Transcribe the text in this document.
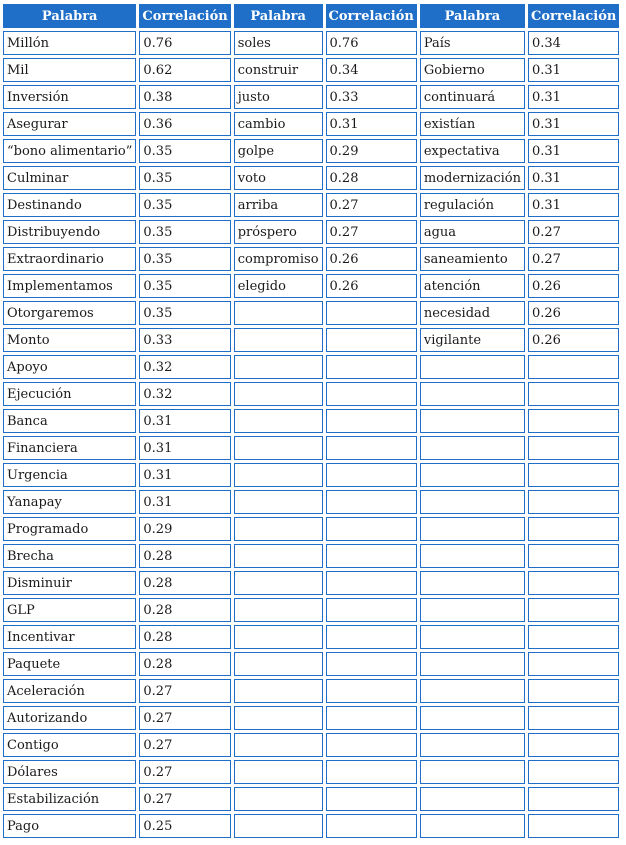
Palabra	Correlación	Palabra	Correlación	Palabra	Correlación
Millón	0.76	soles	0.76	País	0.34
Mil	0.62	construir	0.34	Gobierno	0.31
Inversión	0.38	justo	0.33	continuará	0.31
Asegurar	0.36	cambio	0.31	existían	0.31
“bono alimentario”	0.35	golpe	0.29	expectativa	0.31
Culminar	0.35	voto	0.28	modernización	0.31
Destinando	0.35	arriba	0.27	regulación	0.31
Distribuyendo	0.35	próspero	0.27	agua	0.27
Extraordinario	0.35	compromiso	0.26	saneamiento	0.27
Implementamos	0.35	elegido	0.26	atención	0.26
Otorgaremos	0.35			necesidad	0.26
Monto	0.33			vigilante	0.26
Apoyo	0.32				
Ejecución	0.32				
Banca	0.31				
Financiera	0.31				
Urgencia	0.31				
Yanapay	0.31				
Programado	0.29				
Brecha	0.28				
Disminuir	0.28				
GLP	0.28				
Incentivar	0.28				
Paquete	0.28				
Aceleración	0.27				
Autorizando	0.27				
Contigo	0.27				
Dólares	0.27				
Estabilización	0.27				
Pago	0.25				
